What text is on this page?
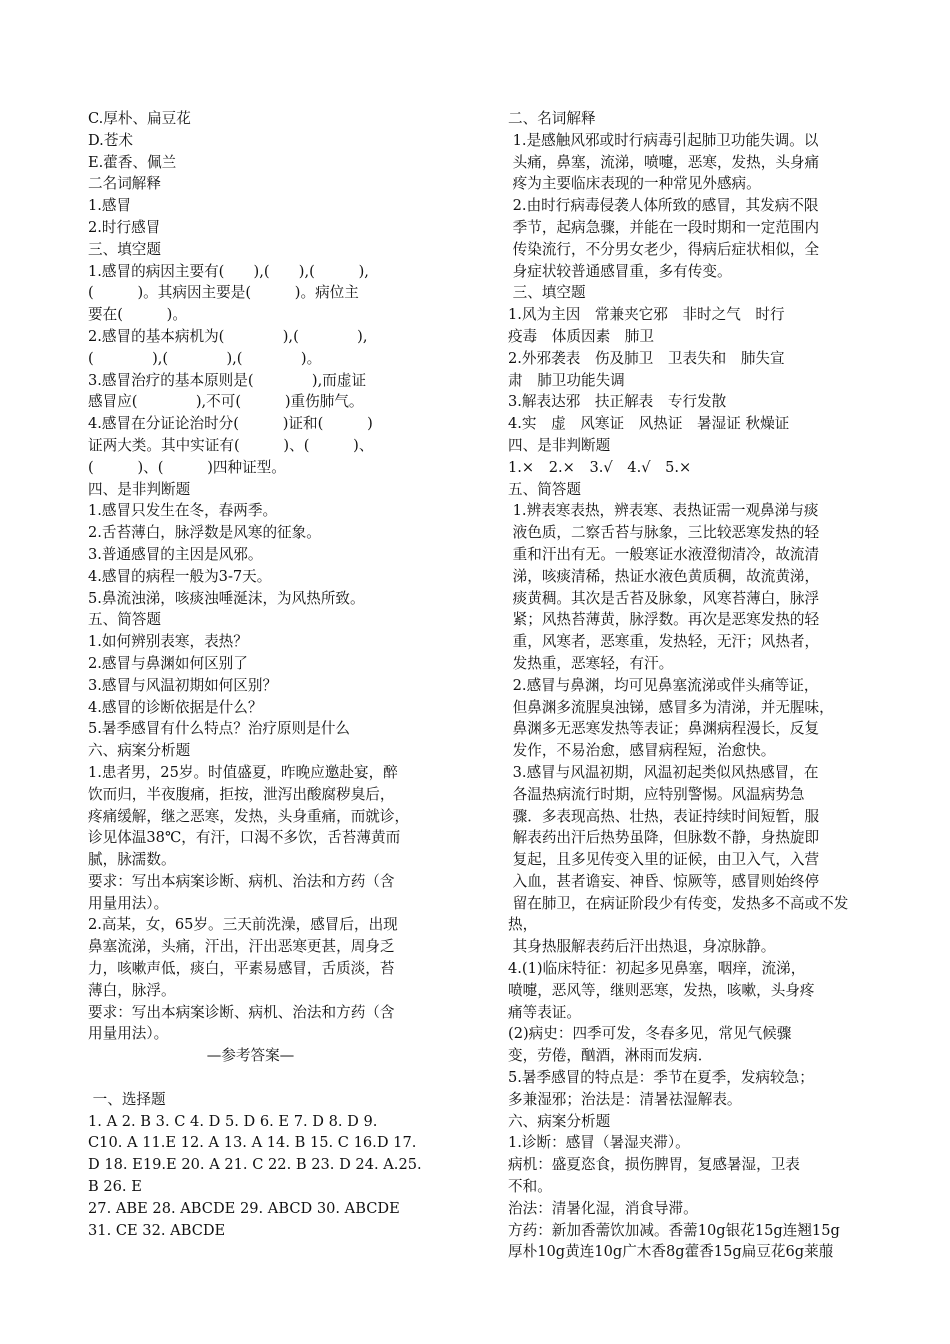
C.厚朴、扁豆花
D.苍术
E.藿香、佩兰
二名词解释
1.感冒
2.时行感冒
三、填空题
1.感冒的病因主要有(　　),(　　),(　　　),
(　　　)。其病因主要是(　　　)。病位主
要在(　　　)。
2.感冒的基本病机为(　　　　),(　　　　),
(　　　　),(　　　　),(　　　　)。
3.感冒治疗的基本原则是(　　　　),而虚证
感冒应(　　　　),不可(　　　)重伤肺气。
4.感冒在分证论治时分(　　　)证和(　　　)
证两大类。其中实证有(　　　)、(　　　)、
(　　　)、(　　　)四种证型。
四、是非判断题
1.感冒只发生在冬，春两季。
2.舌苔薄白，脉浮数是风寒的征象。
3.普通感冒的主因是风邪。
4.感冒的病程一般为3-7天。
5.鼻流浊涕，咳痰浊唾涎沫，为风热所致。
五、简答题
1.如何辨别表寒，表热？
2.感冒与鼻渊如何区别了
3.感冒与风温初期如何区别？
4.感冒的诊断依据是什么？
5.暑季感冒有什么特点？治疗原则是什么
六、病案分析题
1.患者男，25岁。时值盛夏，昨晚应邀赴宴，醉
饮而归，半夜腹痛，拒按，泄泻出酸腐秽臭后，
疼痛缓解，继之恶寒，发热，头身重痛，而就诊，
诊见体温38℃，有汗，口渴不多饮，舌苔薄黄而
腻，脉濡数。
要求：写出本病案诊断、病机、治法和方药（含
用量用法）。
2.高某，女，65岁。三天前洗澡，感冒后，出现
鼻塞流涕，头痛，汗出，汗出恶寒更甚，周身乏
力，咳嗽声低，痰白，平素易感冒，舌质淡，苔
薄白，脉浮。
要求：写出本病案诊断、病机、治法和方药（含
用量用法）。
—参考答案—

一、选择题
1. A 2. B 3. C 4. D 5. D 6. E 7. D 8. D 9.
C10. A 11.E 12. A 13. A 14. B 15. C 16.D 17.
D 18. E19.E 20. A 21. C 22. B 23. D 24. A.25.
B 26. E
27. ABE 28. ABCDE 29. ABCD 30. ABCDE
31. CE 32. ABCDE
二、名词解释
1.是感触风邪或时行病毒引起肺卫功能失调。以
头痛，鼻塞，流涕，喷嚏，恶寒，发热，头身痛
疼为主要临床表现的一种常见外感病。
2.由时行病毒侵袭人体所致的感冒，其发病不限
季节，起病急骤，并能在一段时期和一定范围内
传染流行，不分男女老少，得病后症状相似，全
身症状较普通感冒重，多有传变。
三、填空题
1.风为主因　常兼夹它邪　非时之气　时行
疫毒　体质因素　肺卫
2.外邪袭表　伤及肺卫　卫表失和　肺失宣
肃　肺卫功能失调
3.解表达邪　扶正解表　专行发散
4.实　虚　风寒证　风热证　暑湿证 秋燥证
四、是非判断题
1.×　2.×　3.√　4.√　5.×
五、简答题
1.辨表寒表热，辨表寒、表热证需一观鼻涕与痰
液色质，二察舌苔与脉象，三比较恶寒发热的轻
重和汗出有无。一般寒证水液澄彻清冷，故流清
涕，咳痰清稀，热证水液色黄质稠，故流黄涕，
痰黄稠。其次是舌苔及脉象，风寒苔薄白，脉浮
紧；风热苔薄黄，脉浮数。再次是恶寒发热的轻
重，风寒者，恶寒重，发热轻，无汗；风热者，
发热重，恶寒轻，有汗。
2.感冒与鼻渊，均可见鼻塞流涕或伴头痛等证，
但鼻渊多流腥臭浊锑，感冒多为清涕，并无腥味，
鼻渊多无恶寒发热等表证；鼻渊病程漫长，反复
发作，不易治愈，感冒病程短，治愈快。
3.感冒与风温初期，风温初起类似风热感冒，在
各温热病流行时期，应特别警惕。风温病势急
骤．多表现高热、壮热，表证持续时间短暂，服
解表药出汗后热势虽降，但脉数不静，身热旋即
复起，且多见传变入里的证候，由卫入气，入营
入血，甚者谵妄、神昏、惊厥等，感冒则始终停
留在肺卫，在病证阶段少有传变，发热多不高或不发热，
其身热服解表药后汗出热退，身凉脉静。
4.(1)临床特征：初起多见鼻塞，咽痒，流涕，
喷嚏，恶风等，继则恶寒，发热，咳嗽，头身疼
痛等表证。
(2)病史：四季可发，冬春多见，常见气候骤
变，劳倦，酗酒，淋雨而发病．
5.暑季感冒的特点是：季节在夏季，发病较急；
多兼湿邪；治法是：清暑祛湿解表。
六、病案分析题
1.诊断：感冒（暑湿夹滞）。
病机：盛夏恣食，损伤脾胃，复感暑湿，卫表
不和。
治法：清暑化湿，消食导滞。
方药：新加香薷饮加减。香薷10g银花15g连翘15g
厚朴10g黄连10g广木香8g藿香15g扁豆花6g莱菔
